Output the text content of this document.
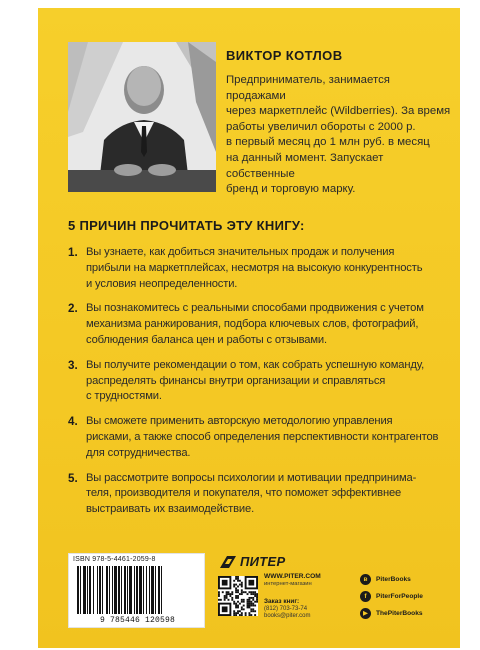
ВИКТОР КОТЛОВ
Предприниматель, занимается продажами
через маркетплейс (Wildberries). За время
работы увеличил обороты с 2000 р.
в первый месяц до 1 млн руб. в месяц
на данный момент. Запускает собственные
бренд и торговую марку.
5 ПРИЧИН ПРОЧИТАТЬ ЭТУ КНИГУ:
1. Вы узнаете, как добиться значительных продаж и получения
прибыли на маркетплейсах, несмотря на высокую конкурентность
и условия неопределенности.
2. Вы познакомитесь с реальными способами продвижения с учетом
механизма ранжирования, подбора ключевых слов, фотографий,
соблюдения баланса цен и работы с отзывами.
3. Вы получите рекомендации о том, как собрать успешную команду,
распределять финансы внутри организации и справляться
с трудностями.
4. Вы сможете применить авторскую методологию управления
рисками, а также способ определения перспективности контрагентов
для сотрудничества.
5. Вы рассмотрите вопросы психологии и мотивации предпринима-
теля, производителя и покупателя, что поможет эффективнее
выстраивать их взаимодействие.
ISBN 978-5-4461-2059-8
9 785446 120598
ПИТЕР
WWW.PITER.COM
интернет-магазин
Заказ книг:
(812) 703-73-74
books@piter.com
в	PiterBooks
f	PiterForPeople
▶	ThePiterBooks
